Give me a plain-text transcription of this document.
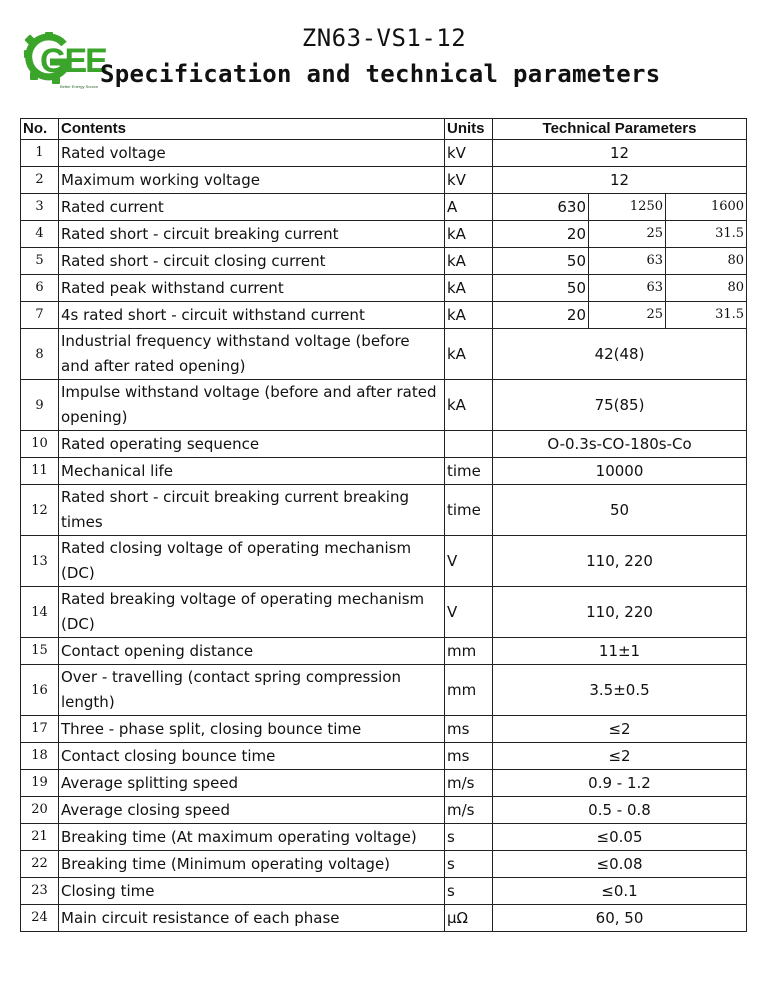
GEE
Better Energy Source
ZN63-VS1-12
Specification and technical parameters
No.	Contents	Units	Technical Parameters		
1	Rated voltage	kV	12		
2	Maximum working voltage	kV	12		
3	Rated current	A	630	1250	1600
4	Rated short - circuit breaking current	kA	20	25	31.5
5	Rated short - circuit closing current	kA	50	63	80
6	Rated peak withstand current	kA	50	63	80
7	4s rated short - circuit withstand current	kA	20	25	31.5
8	Industrial frequency withstand voltage (before and after rated opening)	kA	42(48)		
9	Impulse withstand voltage (before and after rated opening)	kA	75(85)		
10	Rated operating sequence		O-0.3s-CO-180s-Co		
11	Mechanical life	time	10000		
12	Rated short - circuit breaking current breaking times	time	50		
13	Rated closing voltage of operating mechanism (DC)	V	110, 220		
14	Rated breaking voltage of operating mechanism (DC)	V	110, 220		
15	Contact opening distance	mm	11±1		
16	Over - travelling (contact spring compression length)	mm	3.5±0.5		
17	Three - phase split, closing bounce time	ms	≤2		
18	Contact closing bounce time	ms	≤2		
19	Average splitting speed	m/s	0.9 - 1.2		
20	Average closing speed	m/s	0.5 - 0.8		
21	Breaking time (At maximum operating voltage)	s	≤0.05		
22	Breaking time (Minimum operating voltage)	s	≤0.08		
23	Closing time	s	≤0.1		
24	Main circuit resistance of each phase	μΩ	60, 50		
